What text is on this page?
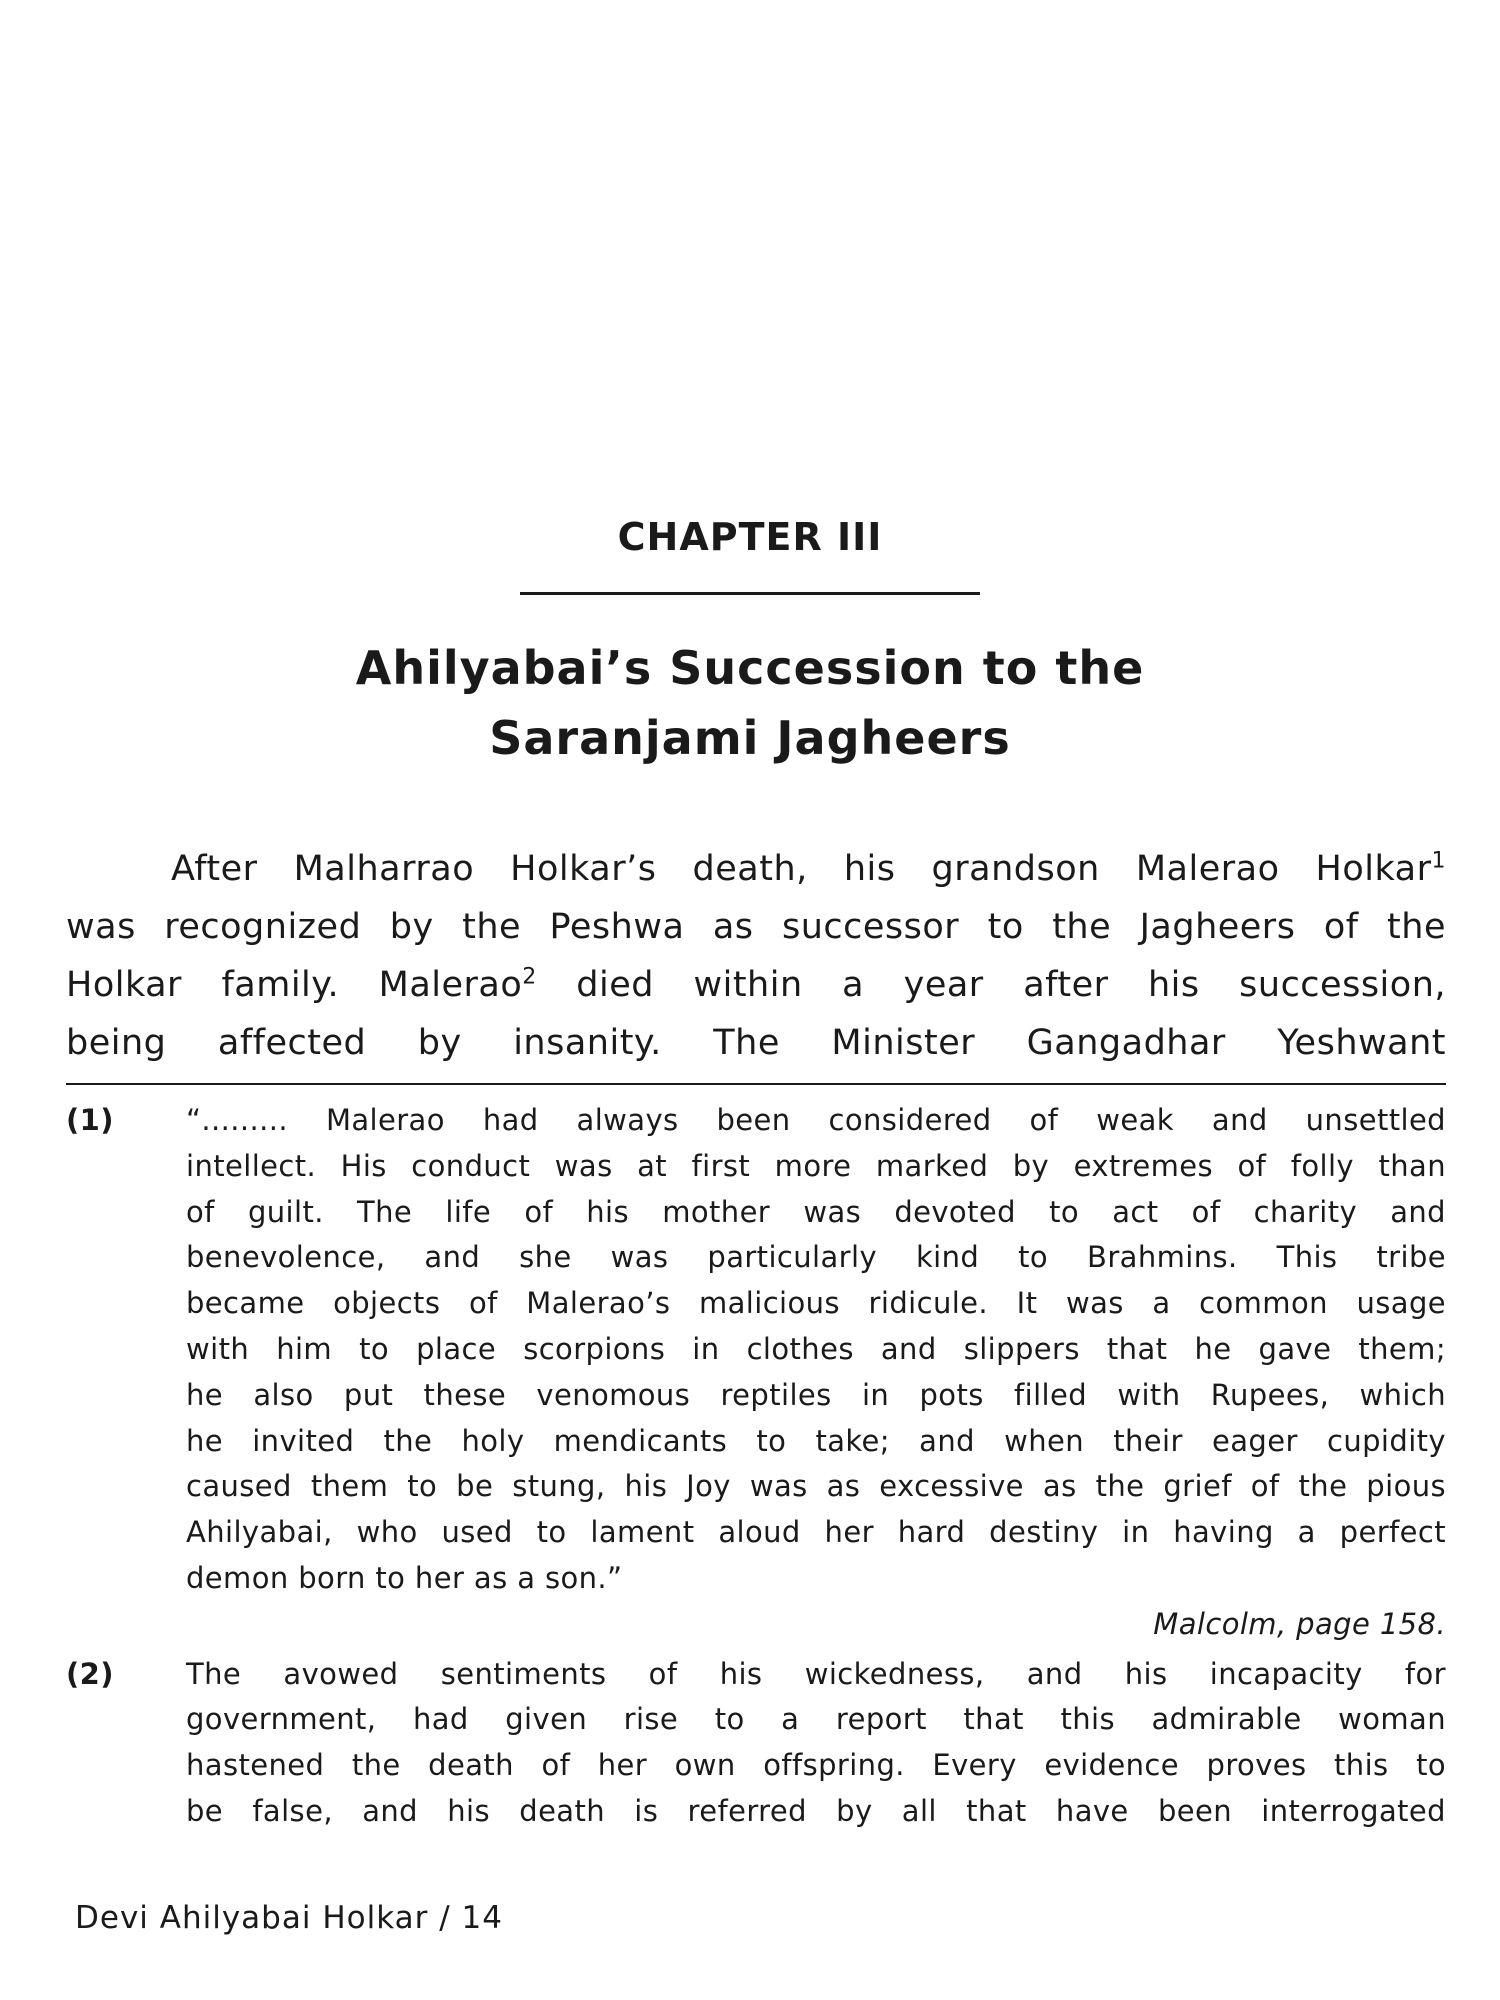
CHAPTER III
Ahilyabai’s Succession to the
Saranjami Jagheers
After Malharrao Holkar’s death, his grandson Malerao Holkar$^1$
was recognized by the Peshwa as successor to the Jagheers of the
Holkar family. Malerao$^2$ died within a year after his succession,
being affected by insanity. The Minister Gangadhar Yeshwant
(1) “......... Malerao had always been considered of weak and unsettled
intellect. His conduct was at first more marked by extremes of folly than
of guilt. The life of his mother was devoted to act of charity and
benevolence, and she was particularly kind to Brahmins. This tribe
became objects of Malerao’s malicious ridicule. It was a common usage
with him to place scorpions in clothes and slippers that he gave them;
he also put these venomous reptiles in pots filled with Rupees, which
he invited the holy mendicants to take; and when their eager cupidity
caused them to be stung, his Joy was as excessive as the grief of the pious
Ahilyabai, who used to lament aloud her hard destiny in having a perfect
demon born to her as a son.”
Malcolm, page 158.
(2) The avowed sentiments of his wickedness, and his incapacity for
government, had given rise to a report that this admirable woman
hastened the death of her own offspring. Every evidence proves this to
be false, and his death is referred by all that have been interrogated
Devi Ahilyabai Holkar / 14
